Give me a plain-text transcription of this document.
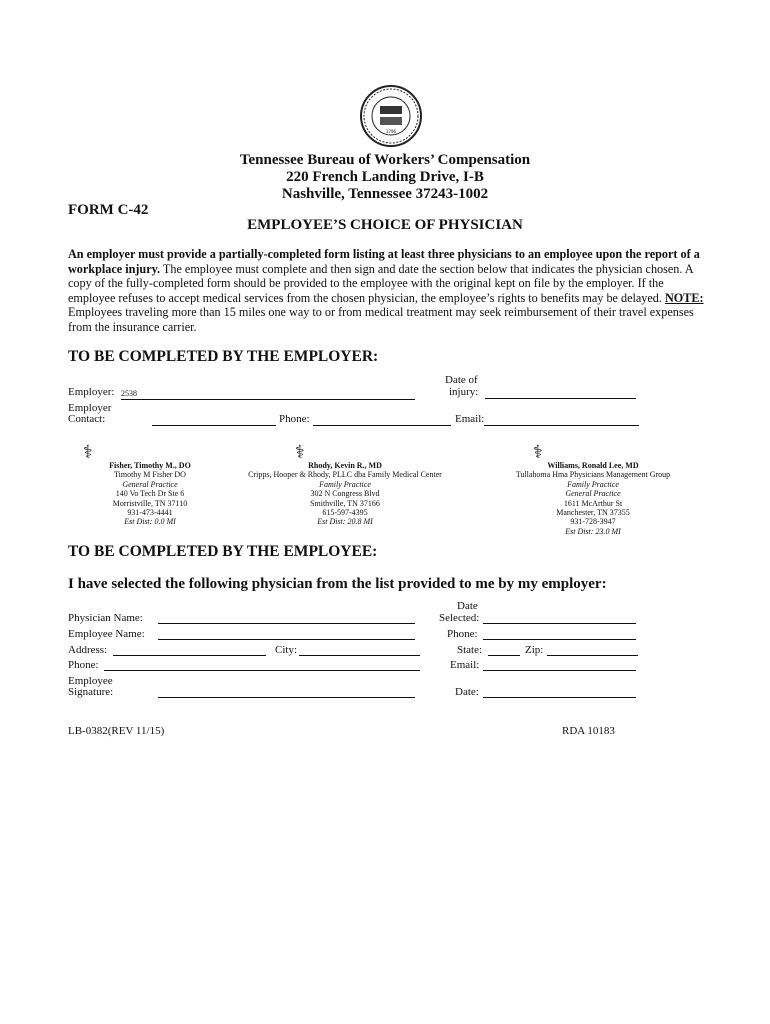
1796
Tennessee Bureau of Workers’ Compensation
220 French Landing Drive, I-B
Nashville, Tennessee 37243-1002
FORM C-42
EMPLOYEE’S CHOICE OF PHYSICIAN
An employer must provide a partially-completed form listing at least three physicians to an employee upon the report of a workplace injury. The employee must complete and then sign and date the section below that indicates the physician chosen. A copy of the fully-completed form should be provided to the employee with the original kept on file by the employer. If the employee refuses to accept medical services from the chosen physician, the employee’s rights to benefits may be delayed. NOTE: Employees traveling more than 15 miles one way to or from medical treatment may seek reimbursement of their travel expenses from the insurance carrier.
TO BE COMPLETED BY THE EMPLOYER:
Employer: 2538
Date of
injury:
Employer
Contact:	Phone:	Email:
⚕
Fisher, Timothy M., DO
Timothy M Fisher DO
General Practice
140 Vo Tech Dr Ste 6
Morristville, TN 37110
931-473-4441
Est Dist: 0.0 MI
⚕
Rhody, Kevin R., MD
Cripps, Hooper & Rhody, PLLC dba Family Medical Center
Family Practice
302 N Congress Blvd
Smithville, TN 37166
615-597-4395
Est Dist: 20.8 MI
⚕
Williams, Ronald Lee, MD
Tullahoma Hma Physicians Management Group
Family Practice
General Practice
1611 McArthur St
Manchester, TN 37355
931-728-3947
Est Dist: 23.0 MI
TO BE COMPLETED BY THE EMPLOYEE:
I have selected the following physician from the list provided to me by my employer:
Physician Name:
Date
Selected:
Employee Name:	Phone:
Address:	City:	State:	Zip:
Phone:	Email:
Employee
Signature:	Date:
LB-0382(REV 11/15)	RDA 10183
